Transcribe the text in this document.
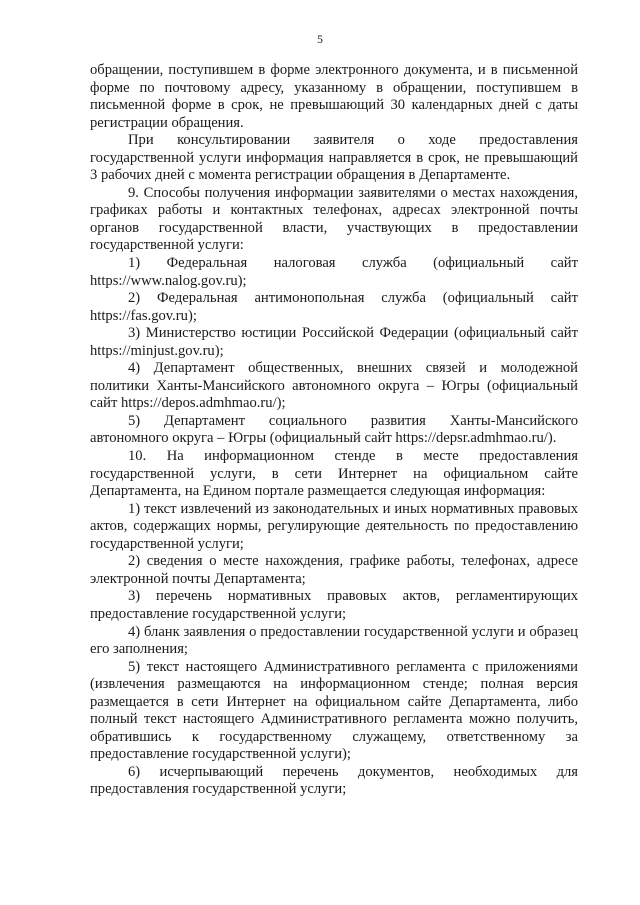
5

обращении, поступившем в форме электронного документа, и в письменной форме по почтовому адресу, указанному в обращении, поступившем в письменной форме в срок, не превышающий 30 календарных дней с даты регистрации обращения.

При консультировании заявителя о ходе предоставления государственной услуги информация направляется в срок, не превышающий 3 рабочих дней с момента регистрации обращения в Департаменте.

9. Способы получения информации заявителями о местах нахождения, графиках работы и контактных телефонах, адресах электронной почты органов государственной власти, участвующих в предоставлении государственной услуги:

1) Федеральная налоговая служба (официальный сайт https://www.nalog.gov.ru);

2) Федеральная антимонопольная служба (официальный сайт https://fas.gov.ru);

3) Министерство юстиции Российской Федерации (официальный сайт https://minjust.gov.ru);

4) Департамент общественных, внешних связей и молодежной политики Ханты-Мансийского автономного округа – Югры (официальный сайт https://depos.admhmao.ru/);

5) Департамент социального развития Ханты-Мансийского автономного округа – Югры (официальный сайт https://depsr.admhmao.ru/).

10. На информационном стенде в месте предоставления государственной услуги, в сети Интернет на официальном сайте Департамента, на Едином портале размещается следующая информация:

1) текст извлечений из законодательных и иных нормативных правовых актов, содержащих нормы, регулирующие деятельность по предоставлению государственной услуги;

2) сведения о месте нахождения, графике работы, телефонах, адресе электронной почты Департамента;

3) перечень нормативных правовых актов, регламентирующих предоставление государственной услуги;

4) бланк заявления о предоставлении государственной услуги и образец его заполнения;

5) текст настоящего Административного регламента с приложениями (извлечения размещаются на информационном стенде; полная версия размещается в сети Интернет на официальном сайте Департамента, либо полный текст настоящего Административного регламента можно получить, обратившись к государственному служащему, ответственному за предоставление государственной услуги);

6) исчерпывающий перечень документов, необходимых для предоставления государственной услуги;
